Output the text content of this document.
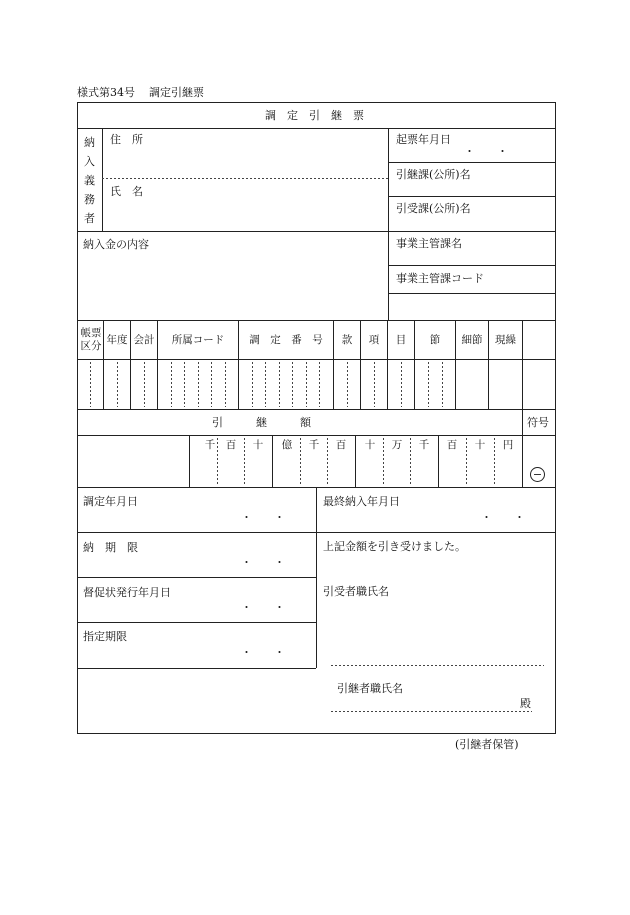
様式第34号 調定引継票
調　定　引　継　票
納
入
義
務
者
住　所
氏　名
起票年月日
・　　・
引継課(公所)名
引受課(公所)名
納入金の内容	事業主管課名
事業主管課コード
帳票
区分 年度 会計	所属コード	調　定　番　号	款	項	目	節	細節	現繰
引　　　継　　　額	符号
千 百 十 億 千 百 十 万 千 百 十 円
−
調定年月日
・　　・
納　期　限
・　　・
督促状発行年月日
・　　・
指定期限
・　　・
最終納入年月日
・　　・
上記金額を引き受けました。
引受者職氏名
引継者職氏名
殿
(引継者保管)
